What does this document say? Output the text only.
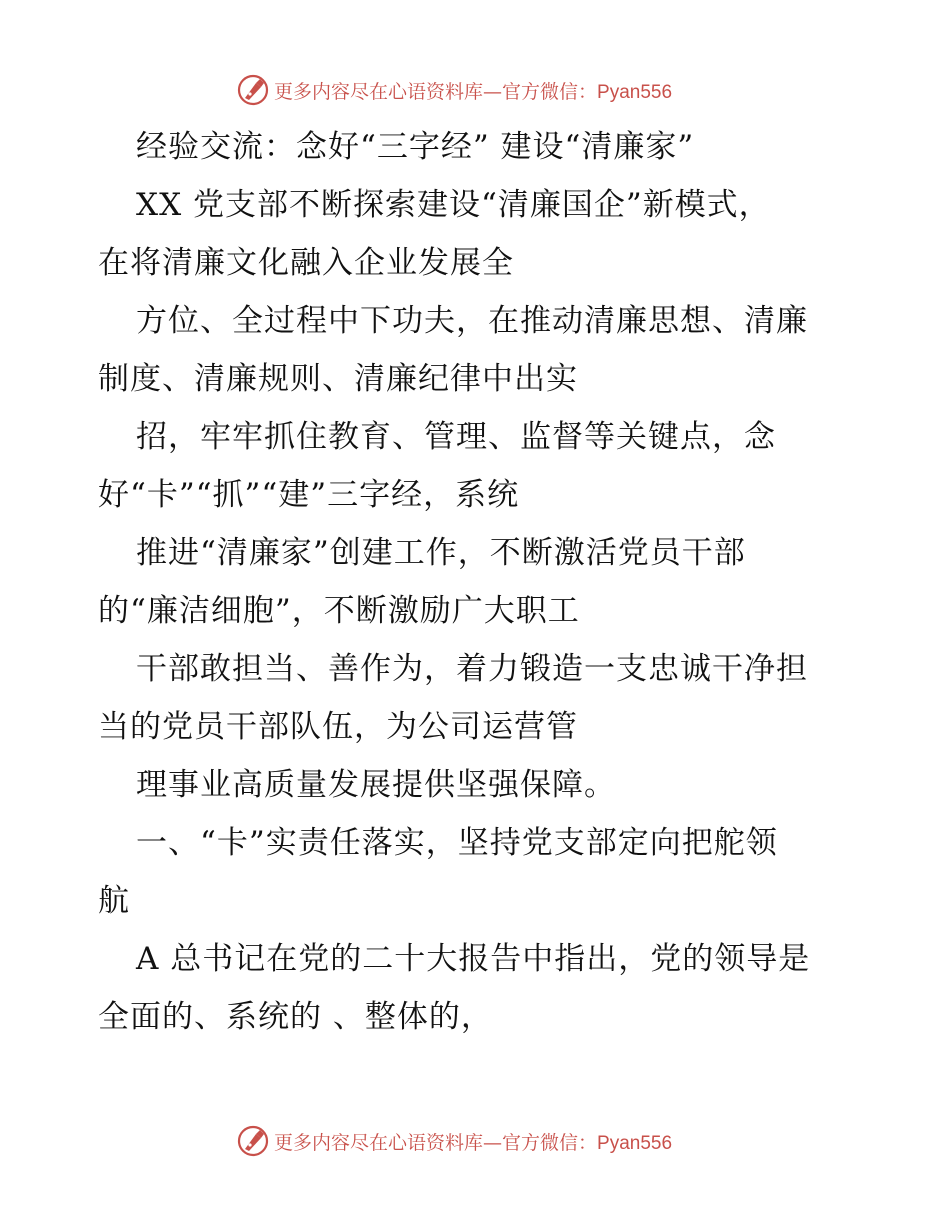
更多内容尽在心语资料库—官方微信：Pyan556
经验交流：念好“三字经” 建设“清廉家”
XX 党支部不断探索建设“清廉国企”新模式，
在将清廉文化融入企业发展全
方位、全过程中下功夫，在推动清廉思想、清廉
制度、清廉规则、清廉纪律中出实
招，牢牢抓住教育、管理、监督等关键点，念
好“卡”“抓”“建”三字经，系统
推进“清廉家”创建工作，不断激活党员干部
的“廉洁细胞”，不断激励广大职工
干部敢担当、善作为，着力锻造一支忠诚干净担
当的党员干部队伍，为公司运营管
理事业高质量发展提供坚强保障。
一、“卡”实责任落实，坚持党支部定向把舵领
航
A 总书记在党的二十大报告中指出，党的领导是
全面的、系统的 、整体的，
更多内容尽在心语资料库—官方微信：Pyan556
